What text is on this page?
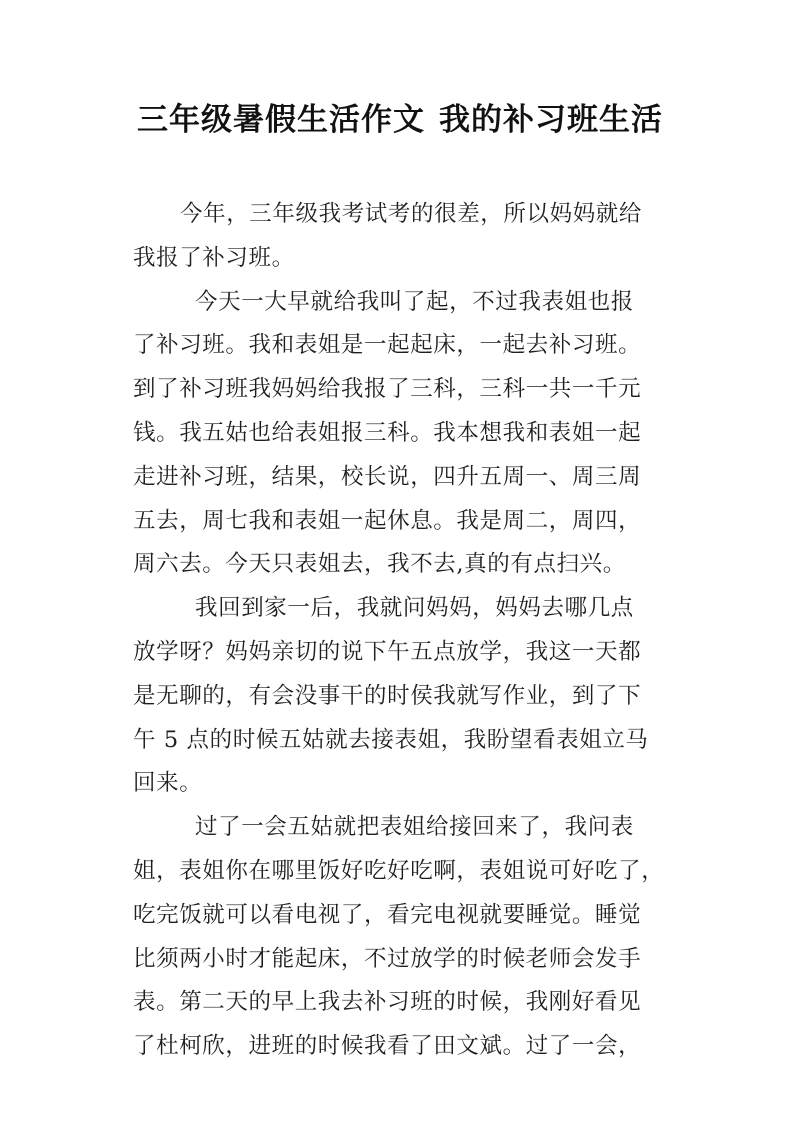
三年级暑假生活作文 我的补习班生活
今年，三年级我考试考的很差，所以妈妈就给
我报了补习班。
今天一大早就给我叫了起，不过我表姐也报
了补习班。我和表姐是一起起床，一起去补习班。
到了补习班我妈妈给我报了三科，三科一共一千元
钱。我五姑也给表姐报三科。我本想我和表姐一起
走进补习班，结果，校长说，四升五周一、周三周
五去，周七我和表姐一起休息。我是周二，周四，
周六去。今天只表姐去，我不去,真的有点扫兴。
我回到家一后，我就问妈妈，妈妈去哪几点
放学呀？妈妈亲切的说下午五点放学，我这一天都
是无聊的，有会没事干的时侯我就写作业，到了下
午 5 点的时候五姑就去接表姐，我盼望看表姐立马
回来。
过了一会五姑就把表姐给接回来了，我问表
姐，表姐你在哪里饭好吃好吃啊，表姐说可好吃了，
吃完饭就可以看电视了，看完电视就要睡觉。睡觉
比须两小时才能起床，不过放学的时候老师会发手
表。第二天的早上我去补习班的时候，我刚好看见
了杜柯欣，进班的时候我看了田文斌。过了一会，
